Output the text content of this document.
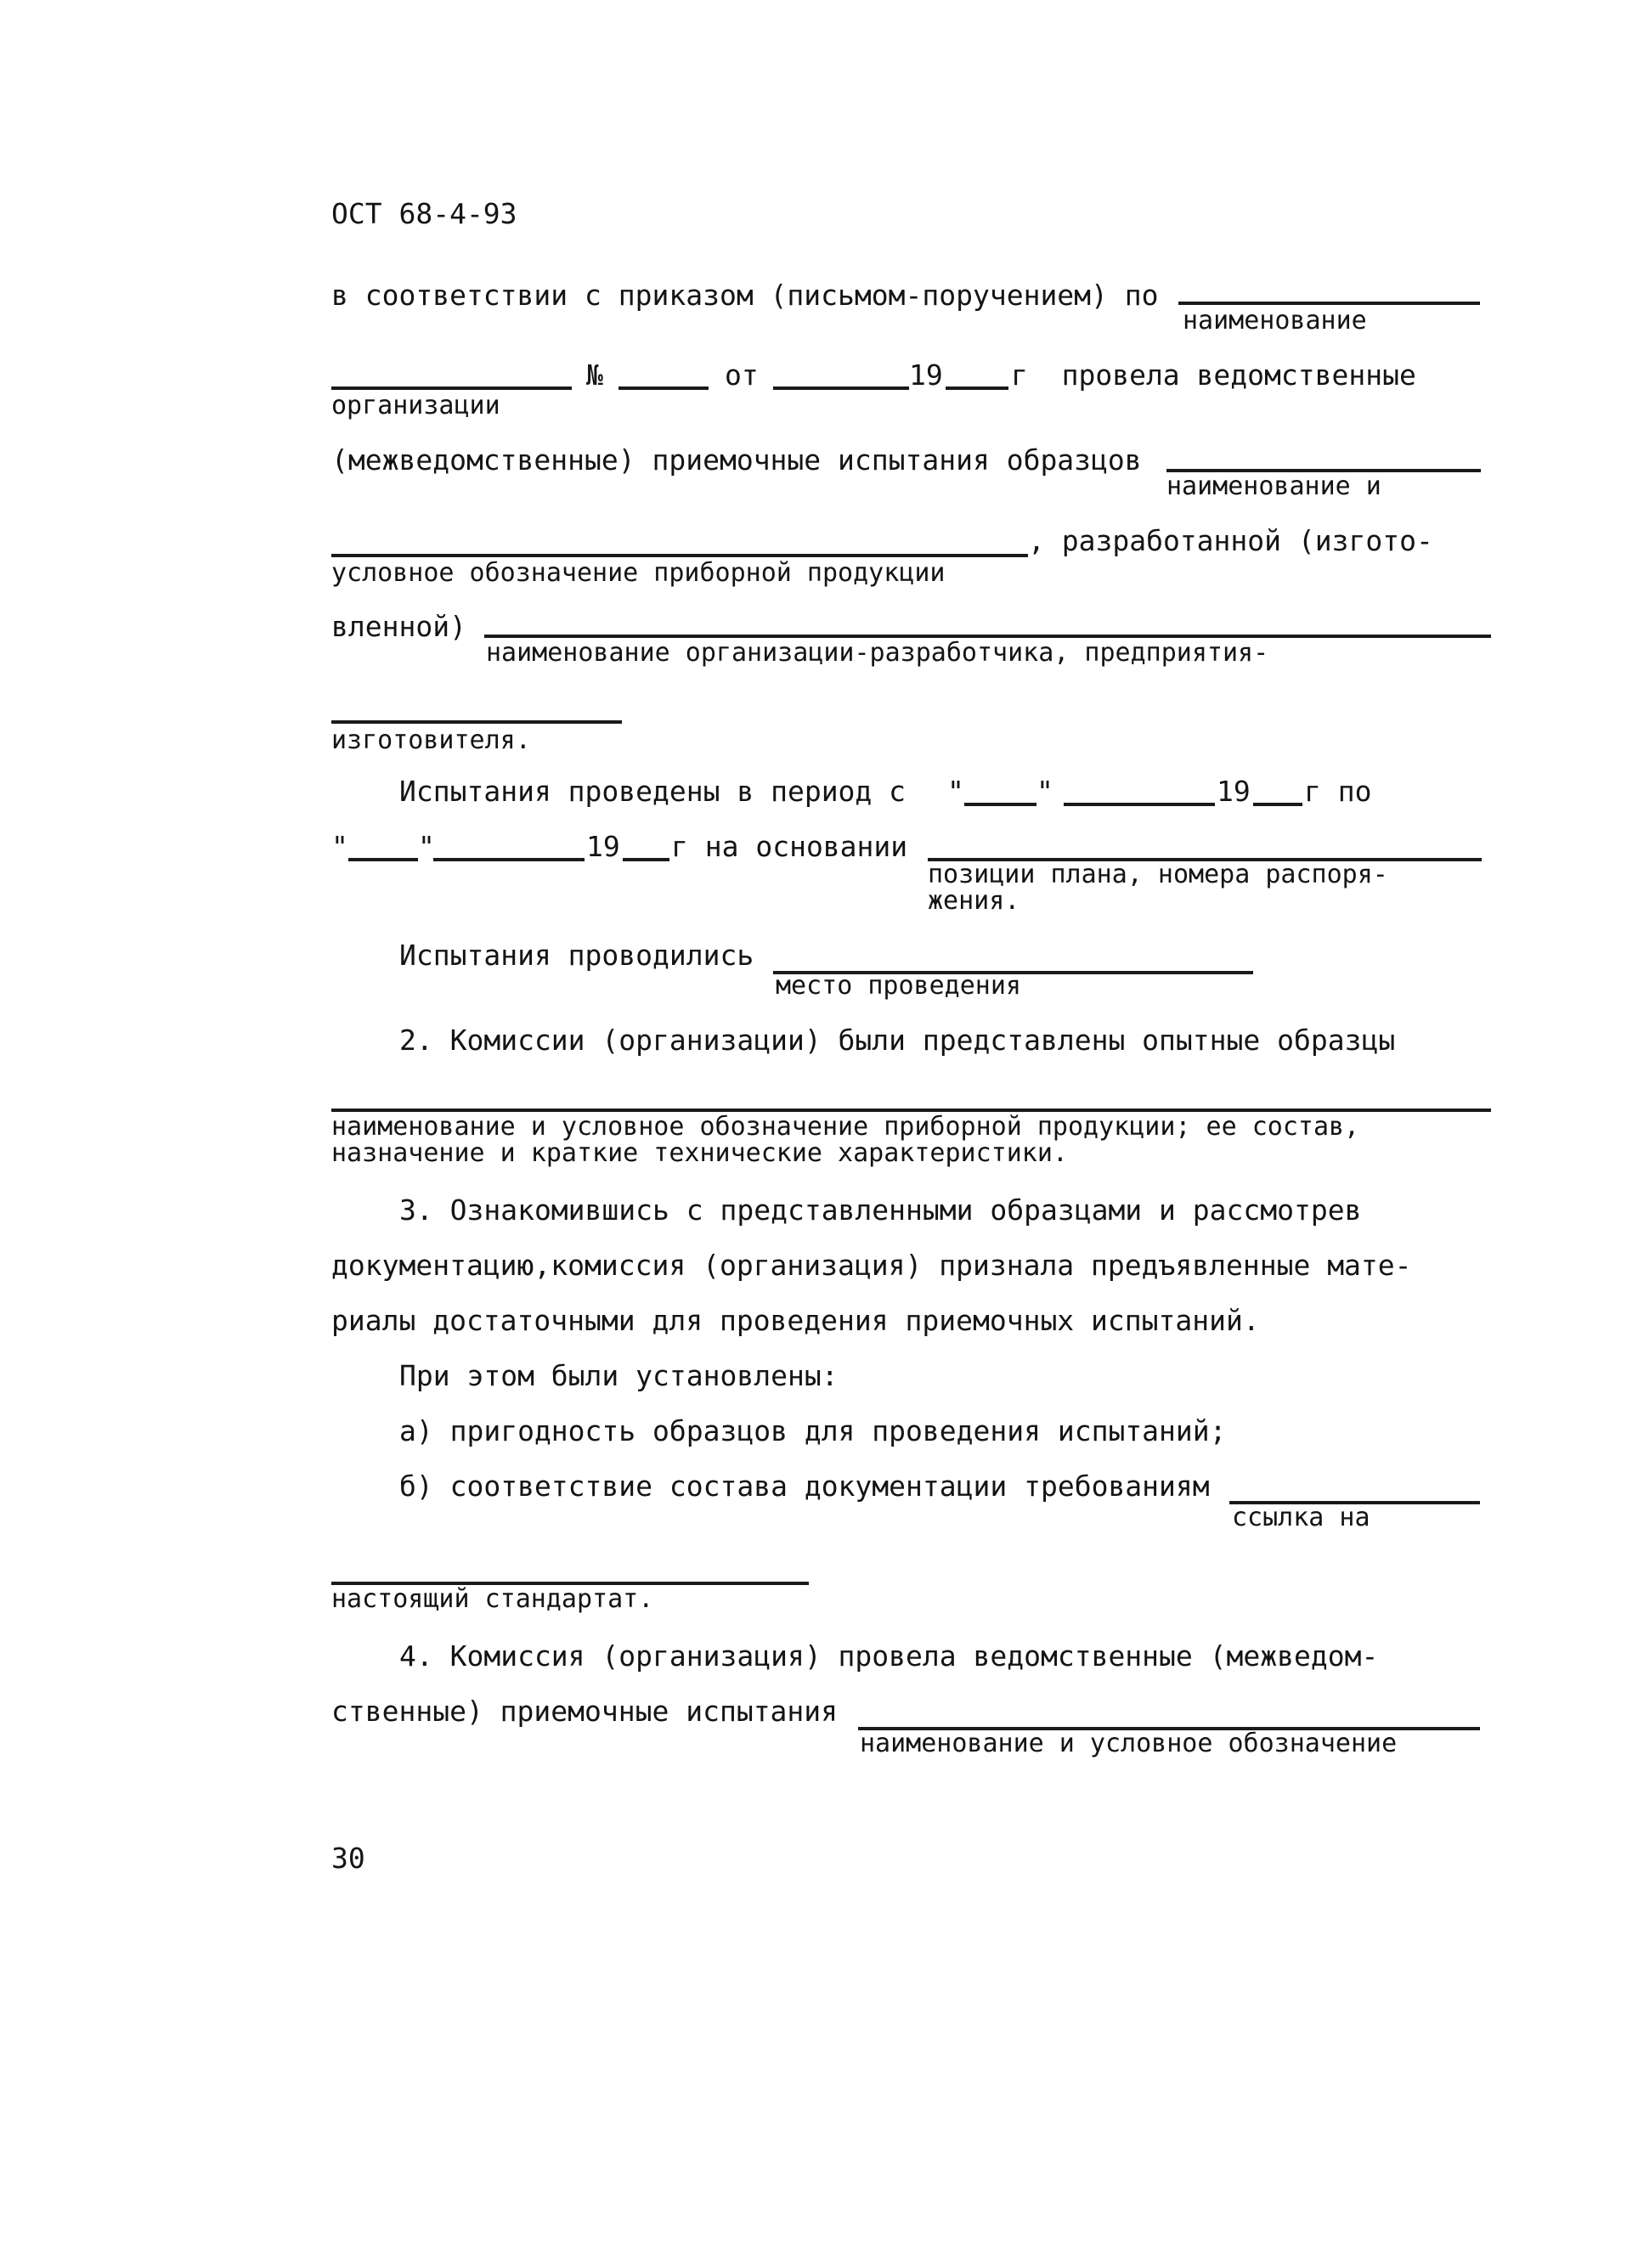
ОСТ 68-4-93
в соответствии с приказом (письмом-поручением) по
наименование
№	от	19 г  провела ведомственные
организации
(межведомственные) приемочные испытания образцов
наименование и
, разработанной (изгото-
условное обозначение приборной продукции
вленной)
наименование организации-разработчика, предприятия-
изготовителя.
Испытания проведены в период с "	"	19 г по
" "	19 г на основании
позиции плана, номера распоря-
жения.
Испытания проводились
место проведения
2. Комиссии (организации) были представлены опытные образцы
наименование и условное обозначение приборной продукции; ее состав,
назначение и краткие технические характеристики.
3. Ознакомившись с представленными образцами и рассмотрев
документацию,комиссия (организация) признала предъявленные мате-
риалы достаточными для проведения приемочных испытаний.
При этом были установлены:
а) пригодность образцов для проведения испытаний;
б) соответствие состава документации требованиям
ссылка на
настоящий стандартат.
4. Комиссия (организация) провела ведомственные (межведом-
ственные) приемочные испытания
наименование и условное обозначение
30
